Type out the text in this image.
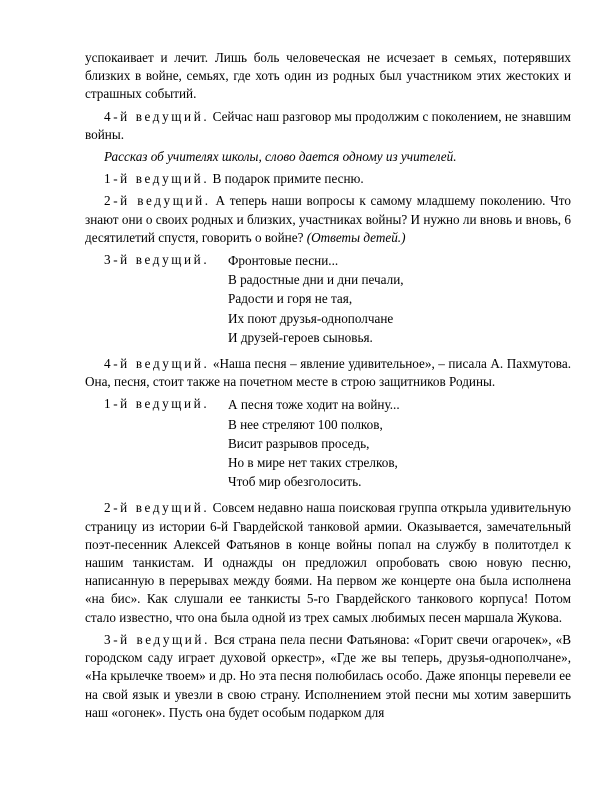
успокаивает и лечит. Лишь боль человеческая не исчезает в семьях, потерявших близких в войне, семьях, где хоть один из родных был участником этих жестоких и страшных событий.

4-й ведущий. Сейчас наш разговор мы продолжим с поколением, не знавшим войны.

Рассказ об учителях школы, слово дается одному из учителей.

1-й ведущий. В подарок примите песню.

2-й ведущий. А теперь наши вопросы к самому младшему поколению. Что знают они о своих родных и близких, участниках войны? И нужно ли вновь и вновь, 6 десятилетий спустя, говорить о войне? (Ответы детей.)

3-й ведущий.	Фронтовые песни...
В радостные дни и дни печали,
Радости и горя не тая,
Их поют друзья-однополчане
И друзей-героев сыновья.

4-й ведущий. «Наша песня – явление удивительное», – писала А. Пахмутова. Она, песня, стоит также на почетном месте в строю защитников Родины.

1-й ведущий.	А песня тоже ходит на войну...
В нее стреляют 100 полков,
Висит разрывов проседь,
Но в мире нет таких стрелков,
Чтоб мир обезголосить.

2-й ведущий. Совсем недавно наша поисковая группа открыла удивительную страницу из истории 6-й Гвардейской танковой армии. Оказывается, замечательный поэт-песенник Алексей Фатьянов в конце войны попал на службу в политотдел к нашим танкистам. И однажды он предложил опробовать свою новую песню, написанную в перерывах между боями. На первом же концерте она была исполнена «на бис». Как слушали ее танкисты 5-го Гвардейского танкового корпуса! Потом стало известно, что она была одной из трех самых любимых песен маршала Жукова.

3-й ведущий. Вся страна пела песни Фатьянова: «Горит свечи огарочек», «В городском саду играет духовой оркестр», «Где же вы теперь, друзья-однополчане», «На крылечке твоем» и др. Но эта песня полюбилась особо. Даже японцы перевели ее на свой язык и увезли в свою страну. Исполнением этой песни мы хотим завершить наш «огонек». Пусть она будет особым подарком для
